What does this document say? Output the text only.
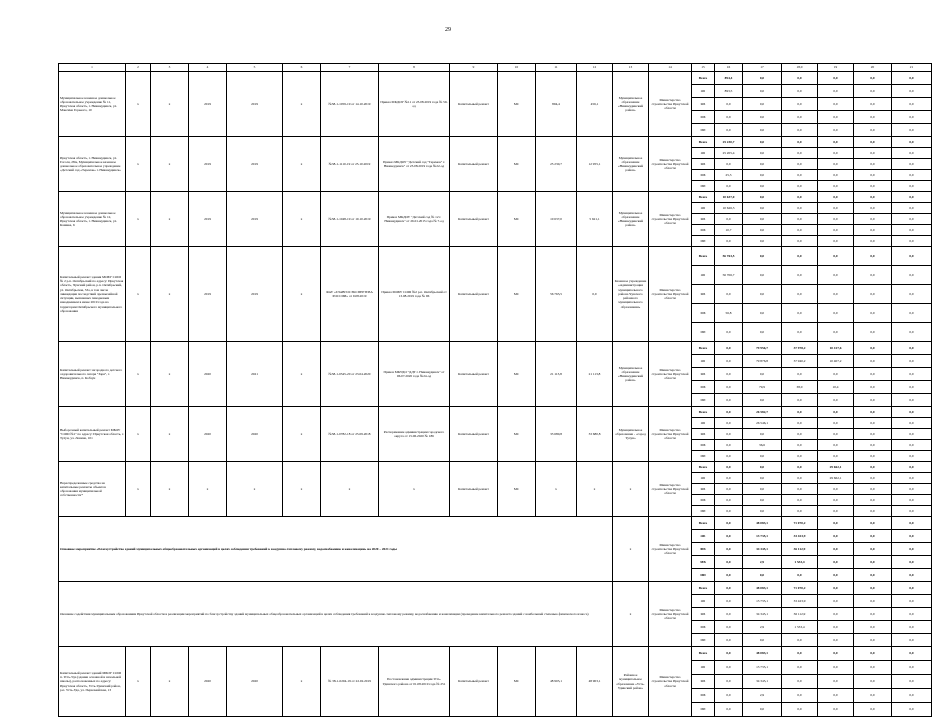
29
1	2	3	4	5	6	7	8	9	10	11	12	13	14	15	16	17	18,0	19	20	21
Муниципальное казенное дошкольное образовательное учреждение № 11, Иркутская область, г. Нижнеудинск, ул. Максима Горького, 10	x	x	2019	2019	x	№38-1-1059-19 от 14.10.2019	Приказ МКДОУ №11 от 23.08.2019 года № 59-од	Капитальный ремонт	МС	894,4	456,1	Муниципальное образование «Нижнеудинский район»	Министерство строительства Иркутской области	Всего	894,4	0,0	0,0	0,0	0,0	0,0
														ОБ	893,5	0,0	0,0	0,0	0,0	0,0
														ФБ	0,0	0,0	0,0	0,0	0,0	0,0
														МБ	0,9	0,0	0,0	0,0	0,0	0,0
														ИИ	0,0	0,0	0,0	0,0	0,0	0,0
Иркутская область, г. Нижнеудинск, ул. Гоголя, 28А, Муниципальное казенное дошкольное образовательное учреждение «Детский сад «Теремок» г. Нижнеудинск»	x	x	2019	2019	x	№38-1-1110-19 от 25.10.2019	Приказ МКДОУ "Детский сад "Теремок" г. Нижнеудинск" от 23.08.2019 года №22-од	Капитальный ремонт	МС	25 230,7	12 955,1	Муниципальное образование «Нижнеудинский район»	Министерство строительства Иркутской области	Всего	25 230,7	0,0	0,0	0,0	0,0	0,0
														ОБ	25 205,4	0,0	0,0	0,0	0,0	0,0
														ФБ	0,0	0,0	0,0	0,0	0,0	0,0
														МБ	25,3	0,0	0,0	0,0	0,0	0,0
														ИИ	0,0	0,0	0,0	0,0	0,0	0,0
Муниципальное казенное дошкольное образовательное учреждение № 12, Иркутская область, г. Нижнеудинск, ул. Кашика, 6	x	x	2019	2019	x	№38-1-1048-19 от 10.10.2019	Приказ МКДОУ "Детский сад № 12 г. Нижнеудинск" от 26.01.2015 года № 7-од	Капитальный ремонт	МС	10 637,0	5 621,1	Муниципальное образование «Нижнеудинский район»	Министерство строительства Иркутской области	Всего	10 637,0	0,0	0,0	0,0	0,0	0,0
														ОБ	10 626,3	0,0	0,0	0,0	0,0	0,0
														ФБ	0,0	0,0	0,0	0,0	0,0	0,0
														МБ	10,7	0,0	0,0	0,0	0,0	0,0
														ИИ	0,0	0,0	0,0	0,0	0,0	0,0
Капитальный ремонт здания МОБУ СОШ № 2 р.п. Октябрьский по адресу: Иркутская область, Чунский район, р.п. Октябрьский, ул. Октябрьская, 33а, в том числе ликвидация последствий чрезвычайной ситуации, вызванных паводковым наводнением в июне 2019 года на территории Октябрьского муниципального образования	x	x	2019	2019	x	ФАУ «ГЛАВГОСЭКСПЕРТИЗА РОССИИ» от 9.08.2019	Приказ МОБУ СОШ №2 р.п. Октябрьский от 13.08.2019 года № 96	Капитальный ремонт	МС	56 763,5	0,0	Казенное учреждение «Администрация муниципального района Чунского районного муниципального образования»	Министерство строительства Иркутской области	Всего	56 763,5	0,0	0,0	0,0	0,0	0,0
														ОБ	56 706,7	0,0	0,0	0,0	0,0	0,0
														ФБ	0,0	0,0	0,0	0,0	0,0	0,0
														МБ	56,8	0,0	0,0	0,0	0,0	0,0
														ИИ	0,0	0,0	0,0	0,0	0,0	0,0
Капитальный ремонт загородного детского оздоровительного лагеря "Заря", г. Нижнеудинск, п. Кобзун	x	x	2020	2021	x	№38-1-0345-20 от 23.04.2020	Приказ МКУДО "ДДТ г. Нижнеудинск" от 06.07.2020 года №24-од	Капитальный ремонт	МС	21 113,8	21 113,8	Муниципальное образование «Нижнеудинский район»	Министерство строительства Иркутской области	Всего	0,0	79 956,7	37 978,2	10 417,6	0,0	0,0
														ОБ	0,0	79 876,8	37 940,2	10 407,2	0,0	0,0
														ФБ	0,0	0,0	0,0	0,0	0,0	0,0
														МБ	0,0	79,9	38,0	10,4	0,0	0,0
														ИИ	0,0	0,0	0,0	0,0	0,0	0,0
Выборочный капитальный ремонт МБОУ "СОШ №1" по адресу: Иркутская область, г. Тулун, ул. Ленина, 101	x	x	2020	2020	x	№38-1-0782-18 от 25.09.2018	Распоряжение администрации городского округа от 15.06.2020 № 186	Капитальный ремонт	МС	33 680,8	33 680,8	Муниципальное образование - «город Тулун»	Министерство строительства Иркутской области	Всего	0,0	26 582,7	0,0	0,0	0,0	0,0
														ОБ	0,0	26 546,1	0,0	0,0	0,0	0,0
														ФБ	0,0	0,0	0,0	0,0	0,0	0,0
														МБ	0,0	36,6	0,0	0,0	0,0	0,0
														ИИ	0,0	0,0	0,0	0,0	0,0	0,0
Нераспределенные средства на капитальные ремонты объектов образования муниципальной собственности*	x	x	x	x	x	x	x	Капитальный ремонт	МС	x	x	x	Министерство строительства Иркутской области	Всего	0,0	0,0	0,0	29 662,1	0,0	0,0
														ОБ	0,0	0,0	0,0	29 662,1	0,0	0,0
														ФБ	0,0	0,0	0,0	0,0	0,0	0,0
														МБ	0,0	0,0	0,0	0,0	0,0	0,0
														ИИ	0,0	0,0	0,0	0,0	0,0	0,0
Основное мероприятие «Благоустройство зданий муниципальных общеобразовательных организаций в целях соблюдения требований к воздушно-тепловому режиму, водоснабжению и канализации» на 2020 – 2021 годы												x	Министерство строительства Иркутской области	Всего	0,0	48 083,1	71 070,2	0,0	0,0	0,0
														ОБ	0,0	13 735,1	33 423,9	0,0	0,0	0,0
														ФБ	0,0	34 345,1	36 112,9	0,0	0,0	0,0
														МБ	0,0	2,9	1 533,4	0,0	0,0	0,0
														ИИ	0,0	0,0	0,0	0,0	0,0	0,0
Оказание содействия муниципальным образованиям Иркутской области в реализации мероприятий по благоустройству зданий муниципальных общеобразовательных организаций в целях соблюдения требований к воздушно-тепловому режиму, водоснабжению и канализации (проведение капитального ремонта зданий с наибольшей степенью физического износа)												x	Министерство строительства Иркутской области	Всего	0,0	48 083,1	71 070,2	0,0	0,0	0,0
														ОБ	0,0	13 735,1	33 423,9	0,0	0,0	0,0
														ФБ	0,0	34 345,1	36 112,9	0,0	0,0	0,0
														МБ	0,0	2,9	1 533,4	0,0	0,0	0,0
														ИИ	0,0	0,0	0,0	0,0	0,0	0,0
Капитальный ремонт зданий МБОУ СОШ п. Усть-Уда (здания основной и начальной школы), расположенных по адресу: Иркутская область, Усть-Удинский район, р.п. Усть-Уда, ул. Первомайская, 13	x	x	2020	2020	x	№ 38-1-0204-19 от 22.02.2019	Постановление администрации Усть-Удинского района от 01.08.2019 года № 251	Капитальный ремонт	МС	48 903,1	48 903,1	Районное муниципальное образование «Усть-Удинский район»	Министерство строительства Иркутской области	Всего	0,0	48 083,1	0,0	0,0	0,0	0,0
														ОБ	0,0	13 735,1	0,0	0,0	0,0	0,0
														ФБ	0,0	34 345,1	0,0	0,0	0,0	0,0
														МБ	0,0	2,9	0,0	0,0	0,0	0,0
														ИИ	0,0	0,0	0,0	0,0	0,0	0,0
